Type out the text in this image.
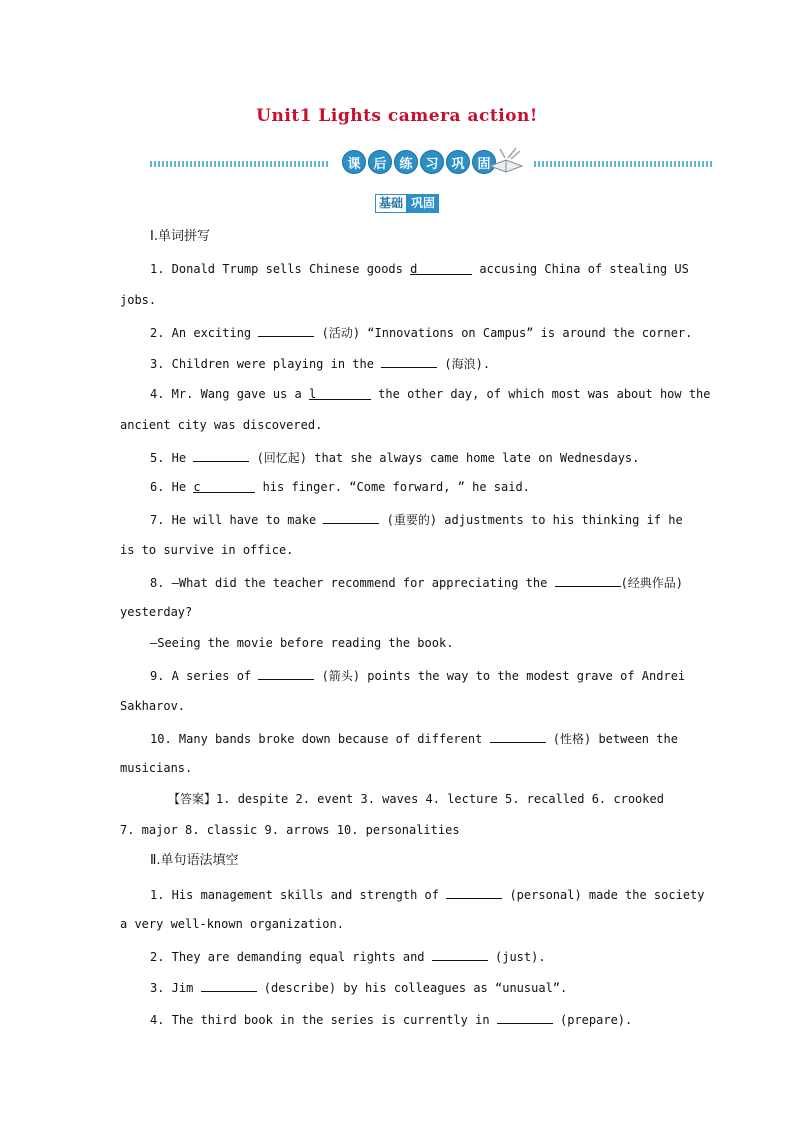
Unit1 Lights camera action!
课 后 练 习 巩 固
基础 巩固
Ⅰ.单词拼写
1. Donald Trump sells Chinese goods d	accusing China of stealing US
jobs.
2. An exciting	(活动) “Innovations on Campus” is around the corner.
3. Children were playing in the	(海浪).
4. Mr. Wang gave us a l	the other day, of which most was about how the
ancient city was discovered.
5. He	(回忆起) that she always came home late on Wednesdays.
6. He c	his finger. “Come forward, ” he said.
7. He will have to make	(重要的) adjustments to his thinking if he
is to survive in office.
8. —What did the teacher recommend for appreciating the	(经典作品)
yesterday?
—Seeing the movie before reading the book.
9. A series of	(箭头) points the way to the modest grave of Andrei
Sakharov.
10. Many bands broke down because of different	(性格) between the
musicians.
【答案】1. despite 2. event 3. waves 4. lecture 5. recalled 6. crooked
7. major 8. classic 9. arrows 10. personalities
Ⅱ.单句语法填空
1. His management skills and strength of	(personal) made the society
a very well-known organization.
2. They are demanding equal rights and	(just).
3. Jim	(describe) by his colleagues as “unusual”.
4. The third book in the series is currently in	(prepare).
